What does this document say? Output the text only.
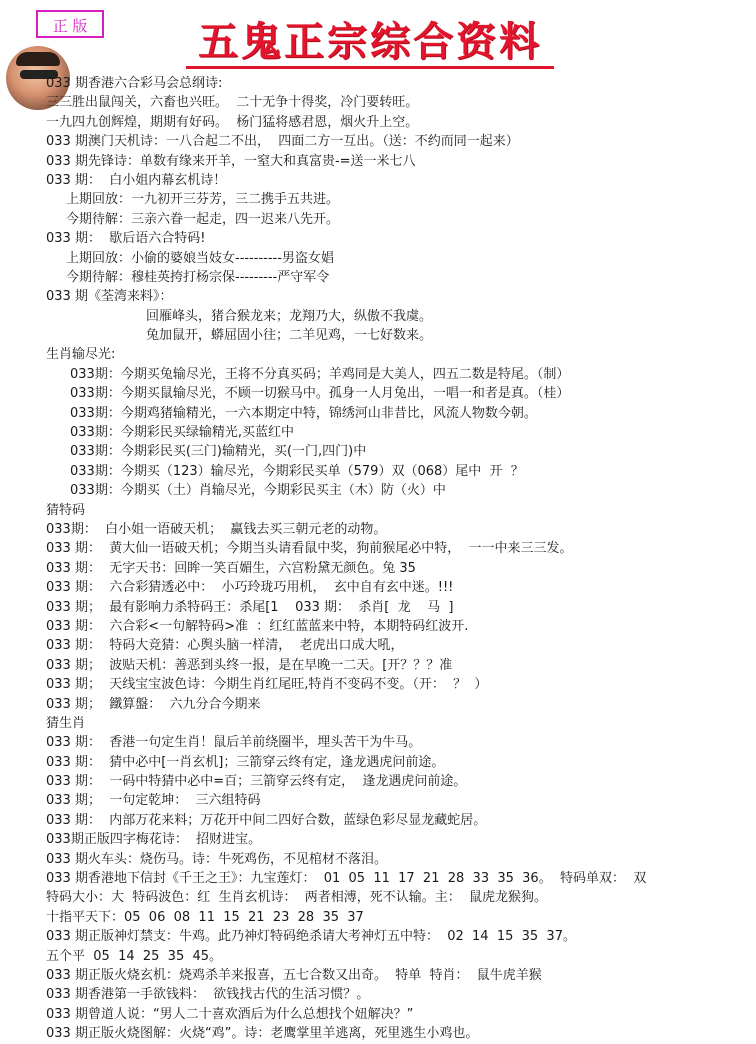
正 版	五鬼正宗综合资料
033 期香港六合彩马会总纲诗:
三三胜出鼠闯关，六畜也兴旺。  二十无争十得奖，冷门要转旺。
一九四九创辉煌，期期有好码。  杨门猛将感君恩，烟火升上空。
033 期澳门天机诗：一八合起二不出，  四面二方一互出。（送：不约而同一起来）
033 期先锋诗：单数有缘来开羊，一窒大和真富贵-=送一米七八
033 期：  白小姐内幕玄机诗！
上期回放：一九初开三芬芳，三二携手五共进。
今期待解：三亲六眷一起走，四一迟来八先开。
033 期：  歇后语六合特码!
上期回放：小偷的婆娘当妓女----------男盗女娼
今期待解：穆桂英挎打杨宗保---------严守军令
033 期《荃湾来料》：
回雁峰头，猪合猴龙来；龙翔乃大，纵傲不我虞。
兔加鼠开，蟒屈固小往；二羊见鸡，一七好数来。
生肖输尽光:
033期：今期买兔输尽光，王将不分真买码；羊鸡同是大美人，四五二数是特尾。（制）
033期：今期买鼠输尽光，不顾一切猴马中。孤身一人月兔出，一唱一和者是真。（桂）
033期：今期鸡猪输精光，一六本期定中特，锦绣河山非昔比，风流人物数今朝。
033期：今期彩民买绿输精光,买蓝红中
033期：今期彩民买(三门)输精光，买(一门,四门)中
033期：今期买（123）输尽光，今期彩民买单（579）双（068）尾中  开  ？
033期：今期买（土）肖输尽光，今期彩民买主（木）防（火）中
猜特码
033期：  白小姐一语破天机；  赢钱去买三朝元老的动物。
033 期：  黄大仙一语破天机；今期当头请看鼠中奖，狗前猴尾必中特，  一一中来三三发。
033 期：  无字天书：回眸一笑百媚生，六宫粉黛无颜色。兔 35
033 期：  六合彩猜透必中：  小巧玲珑巧用机，  玄中自有玄中迷。!!!
033 期；  最有影响力杀特码王：杀尾[1    033 期：  杀肖[  龙    马  ]
033 期：  六合彩<一句解特码>准  ：红红蓝蓝来中特，本期特码红波开.
033 期：  特码大竞猜：心舆头脑一样清，  老虎出口成大吼，
033 期；  波贴天机：善恶到头终一报，是在早晚一二天。[开？？？准
033 期；  天线宝宝波色诗：今期生肖红尾旺,特肖不变码不变。（开：  ？  ）
033 期；  鐵算盤：  六九分合今期来
猜生肖
033 期：  香港一句定生肖！鼠后羊前绕圈半，埋头苦干为牛马。
033 期：  猜中必中[一肖玄机]；三箭穿云终有定，逢龙遇虎问前途。
033 期：  一码中特猜中必中=百；三箭穿云终有定，  逢龙遇虎问前途。
033 期；  一句定乾坤：  三六组特码
033 期：  内部万花来料；万花开中间二四好合数，蓝绿色彩尽显龙藏蛇居。
033期正版四字梅花诗：  招财进宝。
033 期火车头：烧伤马。诗：牛死鸡伤，不见棺材不落泪。
033 期香港地下信封《千王之王》：九宝莲灯：  01  05  11  17  21  28  33  35  36。  特码单双：  双
特码大小：大  特码波色：红  生肖玄机诗：  两者相溥，死不认输。主：  鼠虎龙猴狗。
十指平天下：05  06  08  11  15  21  23  28  35  37
033 期正版神灯禁支：牛鸡。此乃神灯特码绝杀请大考神灯五中特：  02  14  15  35  37。
五个平  05  14  25  35  45。
033 期正版火烧玄机：烧鸡杀羊来报喜，五七合数又出奇。  特单  特肖：  鼠牛虎羊猴
033 期香港第一手欲钱料：  欲钱找古代的生活习惯？。
033 期曾道人说：“男人二十喜欢酒后为什么总想找个妞解决？”
033 期正版火烧图解：火烧“鸡”。诗：老鹰掌里羊逃离，死里逃生小鸡也。
